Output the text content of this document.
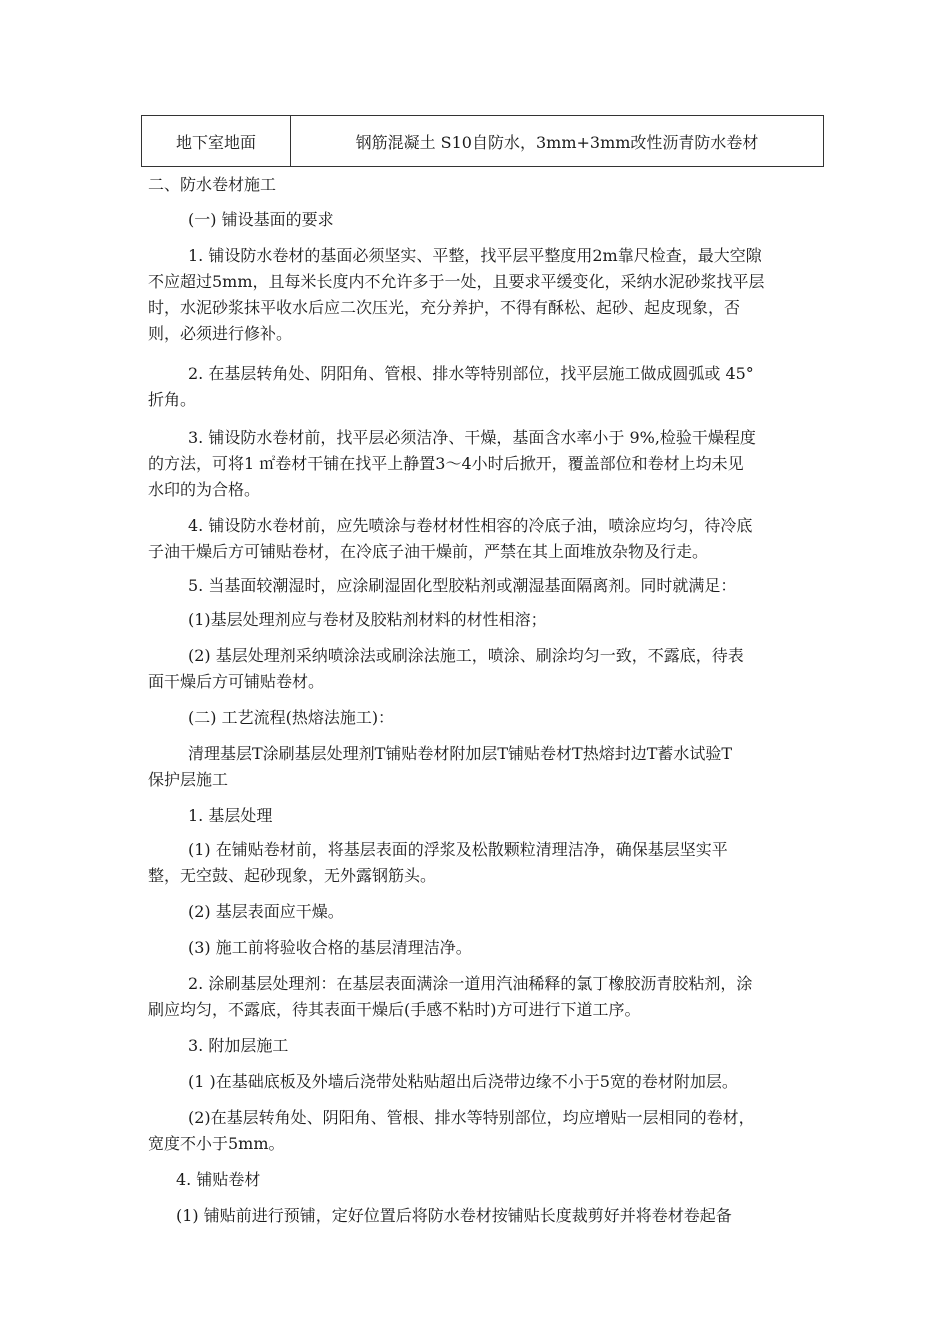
地下室地面	钢筋混凝土 S10自防水，3mm+3mm改性沥青防水卷材
二、防水卷材施工
(一) 铺设基面的要求
1. 铺设防水卷材的基面必须坚实、平整，找平层平整度用2m靠尺检查，最大空隙
不应超过5mm，且每米长度内不允许多于一处，且要求平缓变化，采纳水泥砂浆找平层
时，水泥砂浆抹平收水后应二次压光，充分养护，不得有酥松、起砂、起皮现象，否
则，必须进行修补。
2. 在基层转角处、阴阳角、管根、排水等特别部位，找平层施工做成圆弧或 45°
折角。
3. 铺设防水卷材前，找平层必须洁净、干燥，基面含水率小于 9%,检验干燥程度
的方法，可将1 ㎡卷材干铺在找平上静置3〜4小时后掀开，覆盖部位和卷材上均未见
水印的为合格。
4. 铺设防水卷材前，应先喷涂与卷材材性相容的冷底子油，喷涂应均匀，待冷底
子油干燥后方可铺贴卷材，在冷底子油干燥前，严禁在其上面堆放杂物及行走。
5. 当基面较潮湿时，应涂刷湿固化型胶粘剂或潮湿基面隔离剂。同时就满足：
(1)基层处理剂应与卷材及胶粘剂材料的材性相溶；
(2) 基层处理剂采纳喷涂法或刷涂法施工，喷涂、刷涂均匀一致，不露底，待表
面干燥后方可铺贴卷材。
(二) 工艺流程(热熔法施工)：
清理基层T涂刷基层处理剂T铺贴卷材附加层T铺贴卷材T热熔封边T蓄水试验T
保护层施工
1. 基层处理
(1) 在铺贴卷材前，将基层表面的浮浆及松散颗粒清理洁净，确保基层坚实平
整，无空鼓、起砂现象，无外露钢筋头。
(2) 基层表面应干燥。
(3) 施工前将验收合格的基层清理洁净。
2. 涂刷基层处理剂：在基层表面满涂一道用汽油稀释的氯丁橡胶沥青胶粘剂，涂
刷应均匀，不露底，待其表面干燥后(手感不粘时)方可进行下道工序。
3. 附加层施工
(1 )在基础底板及外墙后浇带处粘贴超出后浇带边缘不小于5宽的卷材附加层。
(2)在基层转角处、阴阳角、管根、排水等特别部位，均应增贴一层相同的卷材，
宽度不小于5mm。
4. 铺贴卷材
(1) 铺贴前进行预铺，定好位置后将防水卷材按铺贴长度裁剪好并将卷材卷起备
